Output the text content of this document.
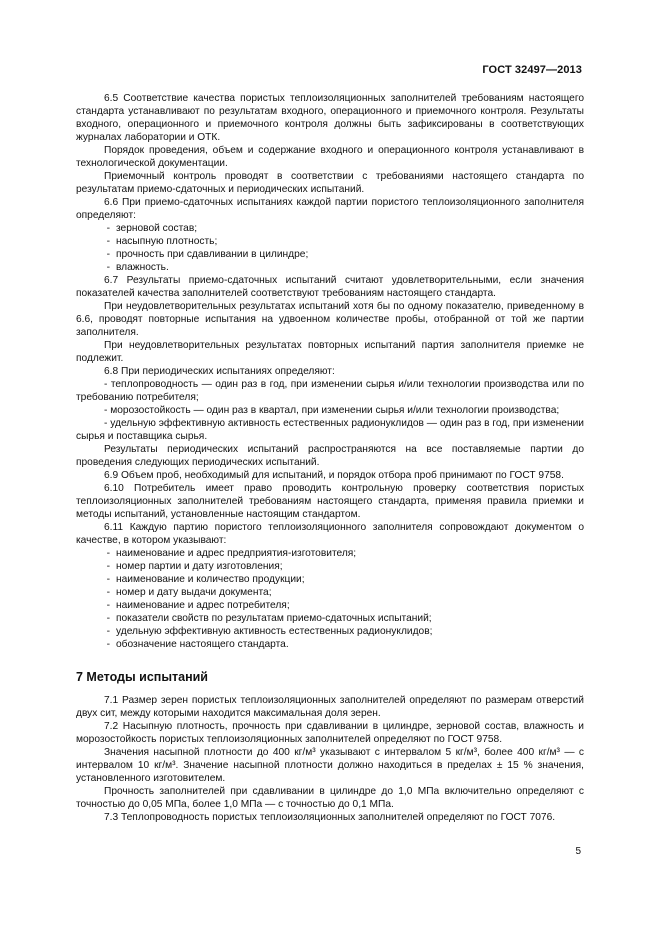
ГОСТ 32497—2013

6.5 Соответствие качества пористых теплоизоляционных заполнителей требованиям настоящего стандарта устанавливают по результатам входного, операционного и приемочного контроля. Результаты входного, операционного и приемочного контроля должны быть зафиксированы в соответствующих журналах лаборатории и ОТК.

Порядок проведения, объем и содержание входного и операционного контроля устанавливают в технологической документации.

Приемочный контроль проводят в соответствии с требованиями настоящего стандарта по результатам приемо-сдаточных и периодических испытаний.

6.6 При приемо-сдаточных испытаниях каждой партии пористого теплоизоляционного заполнителя определяют:

- зерновой состав;
- насыпную плотность;
- прочность при сдавливании в цилиндре;
- влажность.

6.7 Результаты приемо-сдаточных испытаний считают удовлетворительными, если значения показателей качества заполнителей соответствуют требованиям настоящего стандарта.

При неудовлетворительных результатах испытаний хотя бы по одному показателю, приведенному в 6.6, проводят повторные испытания на удвоенном количестве пробы, отобранной от той же партии заполнителя.

При неудовлетворительных результатах повторных испытаний партия заполнителя приемке не подлежит.

6.8 При периодических испытаниях определяют:

- теплопроводность — один раз в год, при изменении сырья и/или технологии производства или по требованию потребителя;

- морозостойкость — один раз в квартал, при изменении сырья и/или технологии производства;

- удельную эффективную активность естественных радионуклидов — один раз в год, при изменении сырья и поставщика сырья.

Результаты периодических испытаний распространяются на все поставляемые партии до проведения следующих периодических испытаний.

6.9 Объем проб, необходимый для испытаний, и порядок отбора проб принимают по ГОСТ 9758.

6.10 Потребитель имеет право проводить контрольную проверку соответствия пористых теплоизоляционных заполнителей требованиям настоящего стандарта, применяя правила приемки и методы испытаний, установленные настоящим стандартом.

6.11 Каждую партию пористого теплоизоляционного заполнителя сопровождают документом о качестве, в котором указывают:

- наименование и адрес предприятия-изготовителя;
- номер партии и дату изготовления;
- наименование и количество продукции;
- номер и дату выдачи документа;
- наименование и адрес потребителя;
- показатели свойств по результатам приемо-сдаточных испытаний;
- удельную эффективную активность естественных радионуклидов;
- обозначение настоящего стандарта.
7 Методы испытаний

7.1 Размер зерен пористых теплоизоляционных заполнителей определяют по размерам отверстий двух сит, между которыми находится максимальная доля зерен.

7.2 Насыпную плотность, прочность при сдавливании в цилиндре, зерновой состав, влажность и морозостойкость пористых теплоизоляционных заполнителей определяют по ГОСТ 9758.

Значения насыпной плотности до 400 кг/м³ указывают с интервалом 5 кг/м³, более 400 кг/м³ — с интервалом 10 кг/м³. Значение насыпной плотности должно находиться в пределах ± 15 % значения, установленного изготовителем.

Прочность заполнителей при сдавливании в цилиндре до 1,0 МПа включительно определяют с точностью до 0,05 МПа, более 1,0 МПа — с точностью до 0,1 МПа.

7.3 Теплопроводность пористых теплоизоляционных заполнителей определяют по ГОСТ 7076.

5
